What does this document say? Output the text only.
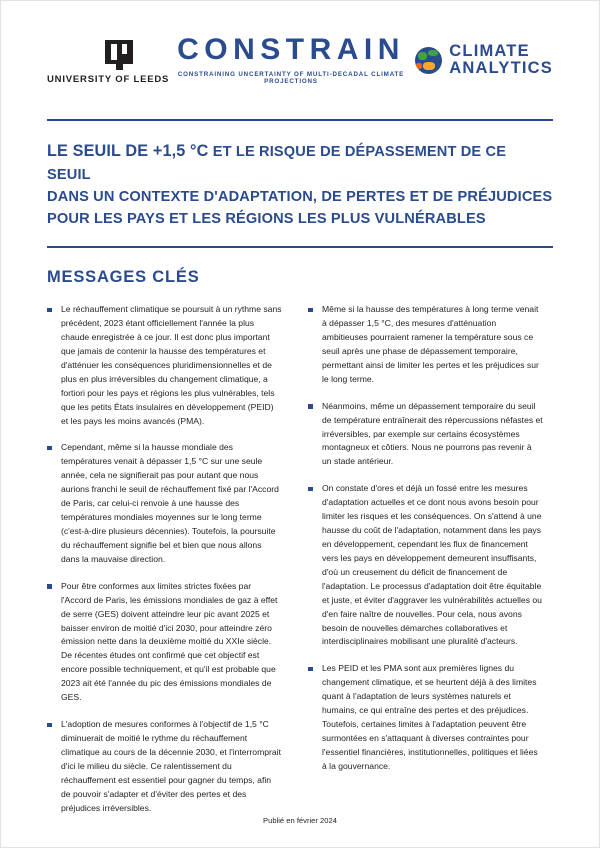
UNIVERSITY OF LEEDS
CONSTRAIN
CONSTRAINING UNCERTAINTY OF MULTI-DECADAL CLIMATE PROJECTIONS
CLIMATE
ANALYTICS
LE SEUIL DE +1,5 °C ET LE RISQUE DE DÉPASSEMENT DE CE SEUIL
DANS UN CONTEXTE D'ADAPTATION, DE PERTES ET DE PRÉJUDICES
POUR LES PAYS ET LES RÉGIONS LES PLUS VULNÉRABLES
MESSAGES CLÉS
Le réchauffement climatique se poursuit à un rythme sans précédent, 2023 étant officiellement l'année la plus chaude enregistrée à ce jour. Il est donc plus important que jamais de contenir la hausse des températures et d'atténuer les conséquences pluridimensionnelles et de plus en plus irréversibles du changement climatique, a fortiori pour les pays et régions les plus vulnérables, tels que les petits États insulaires en développement (PEID) et les pays les moins avancés (PMA).
Cependant, même si la hausse mondiale des températures venait à dépasser 1,5 °C sur une seule année, cela ne signifierait pas pour autant que nous aurions franchi le seuil de réchauffement fixé par l'Accord de Paris, car celui-ci renvoie à une hausse des températures mondiales moyennes sur le long terme (c'est-à-dire plusieurs décennies). Toutefois, la poursuite du réchauffement signifie bel et bien que nous allons dans la mauvaise direction.
Pour être conformes aux limites strictes fixées par l'Accord de Paris, les émissions mondiales de gaz à effet de serre (GES) doivent atteindre leur pic avant 2025 et baisser environ de moitié d'ici 2030, pour atteindre zéro émission nette dans la deuxième moitié du XXIe siècle. De récentes études ont confirmé que cet objectif est encore possible techniquement, et qu'il est probable que 2023 ait été l'année du pic des émissions mondiales de GES.
L'adoption de mesures conformes à l'objectif de 1,5 °C diminuerait de moitié le rythme du réchauffement climatique au cours de la décennie 2030, et l'interromprait d'ici le milieu du siècle. Ce ralentissement du réchauffement est essentiel pour gagner du temps, afin de pouvoir s'adapter et d'éviter des pertes et des préjudices irréversibles.
Même si la hausse des températures à long terme venait à dépasser 1,5 °C, des mesures d'atténuation ambitieuses pourraient ramener la température sous ce seuil après une phase de dépassement temporaire, permettant ainsi de limiter les pertes et les préjudices sur le long terme.
Néanmoins, même un dépassement temporaire du seuil de température entraînerait des répercussions néfastes et irréversibles, par exemple sur certains écosystèmes montagneux et côtiers. Nous ne pourrons pas revenir à un stade antérieur.
On constate d'ores et déjà un fossé entre les mesures d'adaptation actuelles et ce dont nous avons besoin pour limiter les risques et les conséquences. On s'attend à une hausse du coût de l'adaptation, notamment dans les pays en développement, cependant les flux de financement vers les pays en développement demeurent insuffisants, d'où un creusement du déficit de financement de l'adaptation. Le processus d'adaptation doit être équitable et juste, et éviter d'aggraver les vulnérabilités actuelles ou d'en faire naître de nouvelles. Pour cela, nous avons besoin de nouvelles démarches collaboratives et interdisciplinaires mobilisant une pluralité d'acteurs.
Les PEID et les PMA sont aux premières lignes du changement climatique, et se heurtent déjà à des limites quant à l'adaptation de leurs systèmes naturels et humains, ce qui entraîne des pertes et des préjudices. Toutefois, certaines limites à l'adaptation peuvent être surmontées en s'attaquant à diverses contraintes pour l'essentiel financières, institutionnelles, politiques et liées à la gouvernance.
Publié en février 2024
